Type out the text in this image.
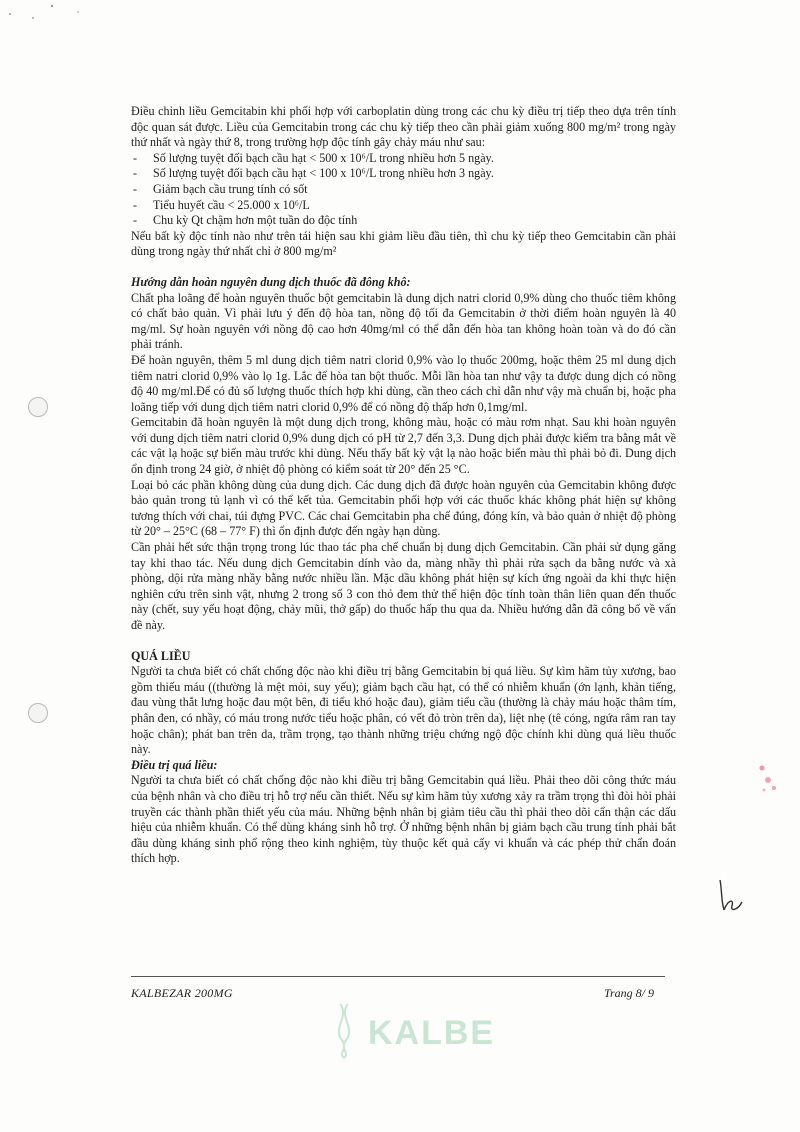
Điều chỉnh liều Gemcitabin khi phối hợp với carboplatin dùng trong các chu kỳ điều trị tiếp theo dựa trên tính độc quan sát được. Liều của Gemcitabin trong các chu kỳ tiếp theo cần phải giảm xuống 800 mg/m² trong ngày thứ nhất và ngày thứ 8, trong trường hợp độc tính gây chảy máu như sau:

- Số lượng tuyệt đối bạch cầu hạt < 500 x 10⁶/L trong nhiều hơn 5 ngày.
- Số lượng tuyệt đối bạch cầu hạt < 100 x 10⁶/L trong nhiều hơn 3 ngày.
- Giảm bạch cầu trung tính có sốt
- Tiểu huyết cầu < 25.000 x 10⁶/L
- Chu kỳ Qt chậm hơn một tuần do độc tính

Nếu bất kỳ độc tính nào như trên tái hiện sau khi giảm liều đầu tiên, thì chu kỳ tiếp theo Gemcitabin cần phải dùng trong ngày thứ nhất chỉ ở 800 mg/m²

Hướng dẫn hoàn nguyên dung dịch thuốc đã đông khô:

Chất pha loãng để hoàn nguyên thuốc bột gemcitabin là dung dịch natri clorid 0,9% dùng cho thuốc tiêm không có chất bảo quản. Vì phải lưu ý đến độ hòa tan, nồng độ tối đa Gemcitabin ở thời điểm hoàn nguyên là 40 mg/ml. Sự hoàn nguyên với nồng độ cao hơn 40mg/ml có thể dẫn đến hòa tan không hoàn toàn và do đó cần phải tránh.

Để hoàn nguyên, thêm 5 ml dung dịch tiêm natri clorid 0,9% vào lọ thuốc 200mg, hoặc thêm 25 ml dung dịch tiêm natri clorid 0,9% vào lọ 1g. Lắc để hòa tan bột thuốc. Mỗi lần hòa tan như vậy ta được dung dịch có nồng độ 40 mg/ml.Để có đủ số lượng thuốc thích hợp khi dùng, cần theo cách chỉ dẫn như vậy mà chuẩn bị, hoặc pha loãng tiếp với dung dịch tiêm natri clorid 0,9% để có nồng độ thấp hơn 0,1mg/ml.

Gemcitabin đã hoàn nguyên là một dung dịch trong, không màu, hoặc có màu rơm nhạt. Sau khi hoàn nguyên với dung dịch tiêm natri clorid 0,9% dung dịch có pH từ 2,7 đến 3,3. Dung dịch phải được kiểm tra bằng mắt về các vật lạ hoặc sự biến màu trước khi dùng. Nếu thấy bất kỳ vật lạ nào hoặc biến màu thì phải bỏ đi. Dung dịch ổn định trong 24 giờ, ở nhiệt độ phòng có kiểm soát từ 20° đến 25 °C.

Loại bỏ các phần không dùng của dung dịch. Các dung dịch đã được hoàn nguyên của Gemcitabin không được bảo quản trong tủ lạnh vì có thể kết tủa. Gemcitabin phối hợp với các thuốc khác không phát hiện sự không tương thích với chai, túi đựng PVC. Các chai Gemcitabin pha chế đúng, đóng kín, và bảo quản ở nhiệt độ phòng từ 20° – 25°C (68 – 77° F) thì ổn định được đến ngày hạn dùng.

Cần phải hết sức thận trọng trong lúc thao tác pha chế chuẩn bị dung dịch Gemcitabin. Cần phải sử dụng găng tay khi thao tác. Nếu dung dịch Gemcitabin dính vào da, màng nhầy thì phải rửa sạch da bằng nước và xà phòng, dội rửa màng nhầy bằng nước nhiều lần. Mặc dầu không phát hiện sự kích ứng ngoài da khi thực hiện nghiên cứu trên sinh vật, nhưng 2 trong số 3 con thỏ đem thử thể hiện độc tính toàn thân liên quan đến thuốc này (chết, suy yếu hoạt động, chảy mũi, thở gấp) do thuốc hấp thu qua da. Nhiều hướng dẫn đã công bố về vấn đề này.

QUÁ LIỀU

Người ta chưa biết có chất chống độc nào khi điều trị bằng Gemcitabin bị quá liều. Sự kìm hãm tủy xương, bao gồm thiếu máu ((thường là mệt mỏi, suy yếu); giảm bạch cầu hạt, có thể có nhiễm khuẩn (ớn lạnh, khản tiếng, đau vùng thắt lưng hoặc đau một bên, đi tiểu khó hoặc đau), giảm tiểu cầu (thường là chảy máu hoặc thâm tím, phân đen, có nhầy, có máu trong nước tiểu hoặc phân, có vết đỏ tròn trên da), liệt nhẹ (tê cóng, ngứa râm ran tay hoặc chân); phát ban trên da, trầm trọng, tạo thành những triệu chứng ngộ độc chính khi dùng quá liều thuốc này.

Điều trị quá liều:

Người ta chưa biết có chất chống độc nào khi điều trị bằng Gemcitabin quá liều. Phải theo dõi công thức máu của bệnh nhân và cho điều trị hỗ trợ nếu cần thiết. Nếu sự kìm hãm tủy xương xảy ra trầm trọng thì đòi hỏi phải truyền các thành phần thiết yếu của máu. Những bệnh nhân bị giảm tiêu cầu thì phải theo dõi cẩn thận các dấu hiệu của nhiễm khuẩn. Có thể dùng kháng sinh hỗ trợ. Ở những bệnh nhân bị giảm bạch cầu trung tính phải bắt đầu dùng kháng sinh phổ rộng theo kinh nghiệm, tùy thuộc kết quả cấy vi khuẩn và các phép thử chẩn đoán thích hợp.

KALBEZAR 200MG	Trang 8/ 9
KALBE
